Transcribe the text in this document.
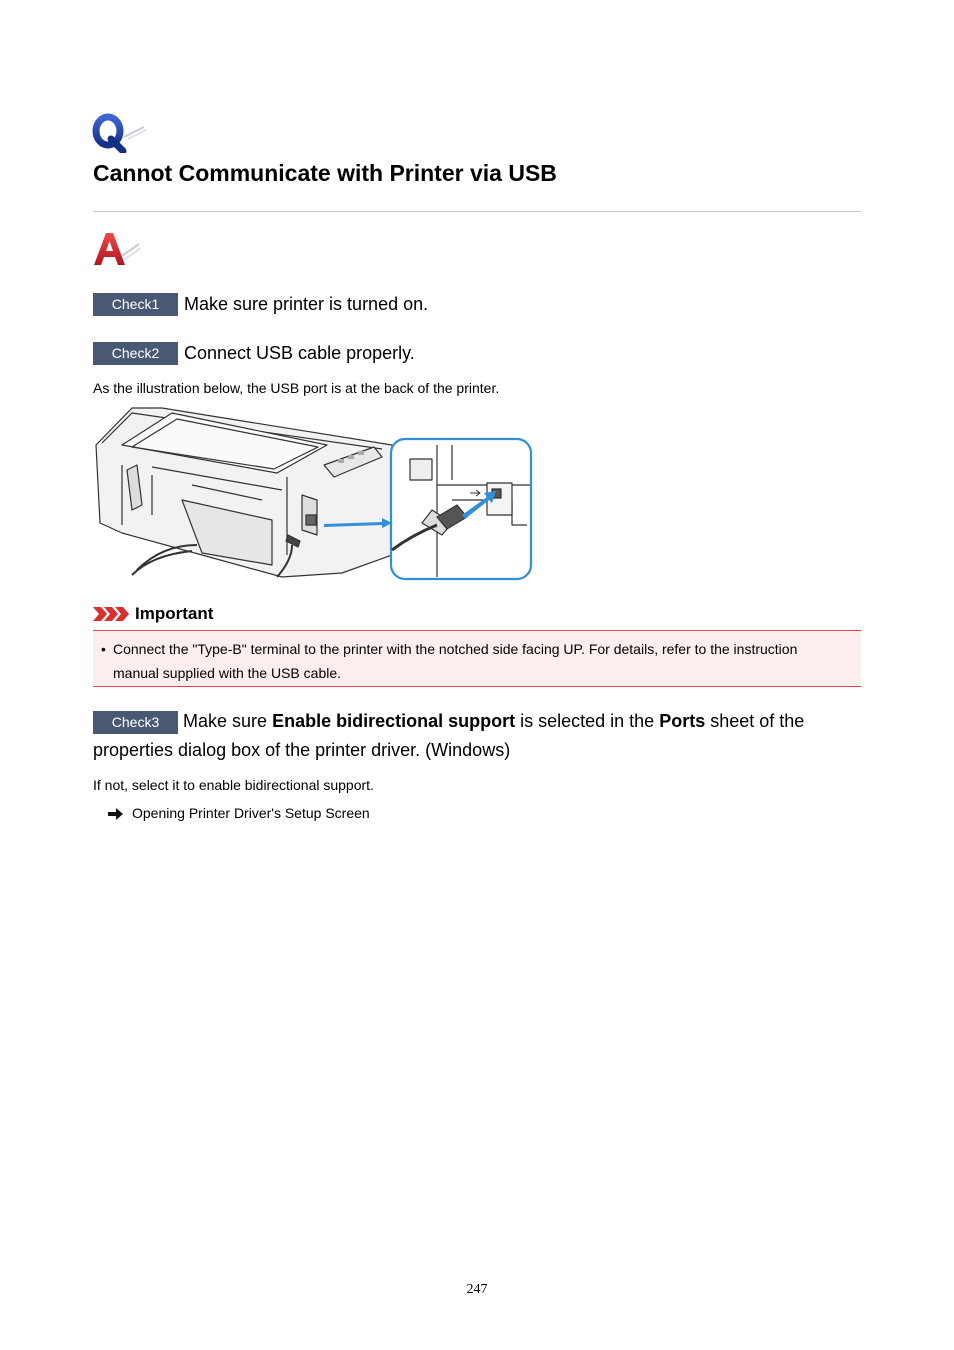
Cannot Communicate with Printer via USB
Check1 Make sure printer is turned on.
Check2 Connect USB cable properly.

As the illustration below, the USB port is at the back of the printer.

Important
• Connect the "Type-B" terminal to the printer with the notched side facing UP. For details, refer to the instruction manual supplied with the USB cable.

Check3 Make sure Enable bidirectional support is selected in the Ports sheet of the properties dialog box of the printer driver. (Windows)

If not, select it to enable bidirectional support.

Opening Printer Driver's Setup Screen
247
